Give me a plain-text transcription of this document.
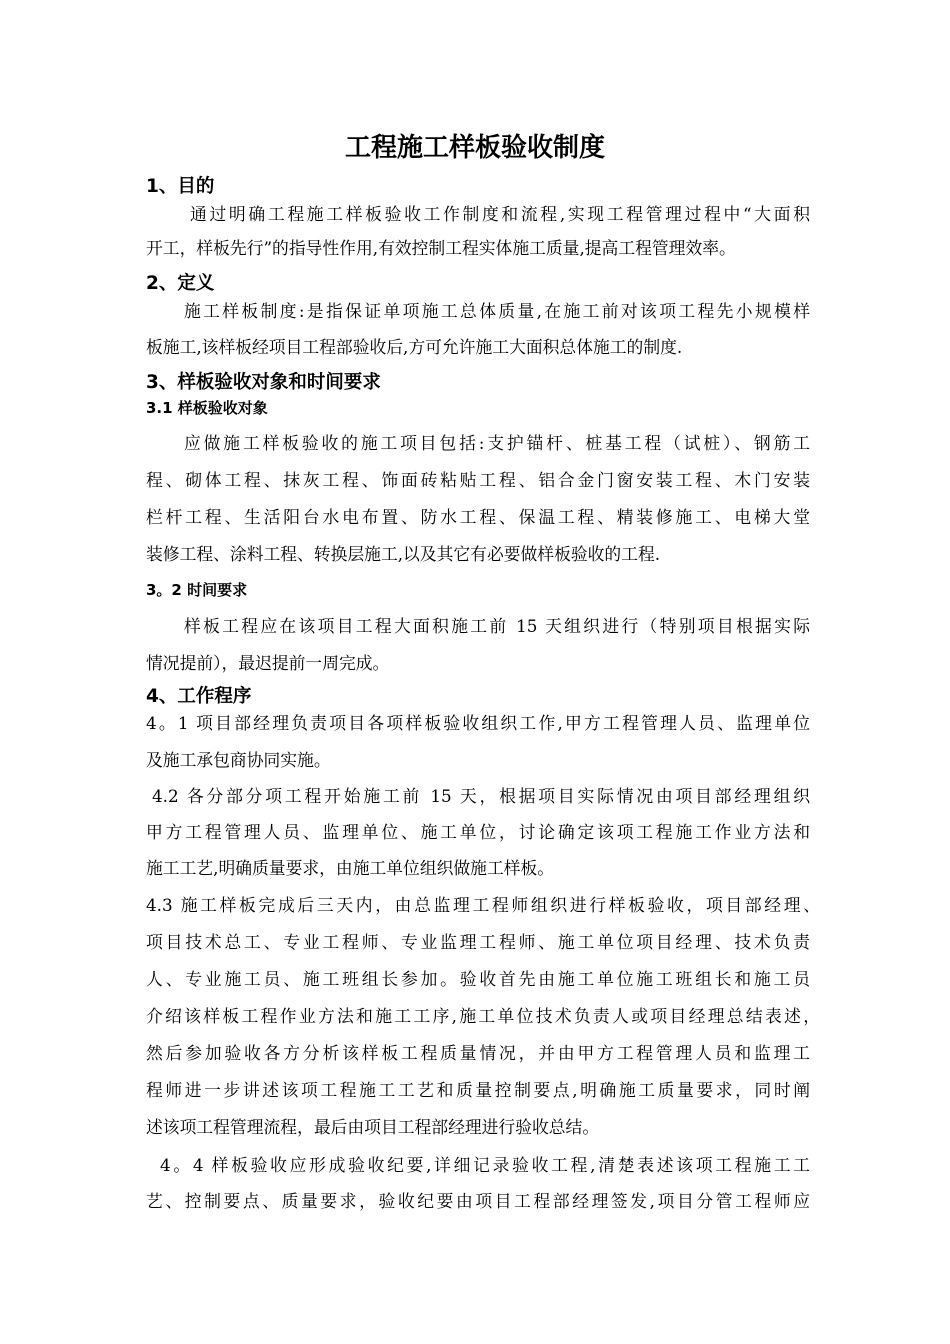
工程施工样板验收制度
1、目的
通过明确工程施工样板验收工作制度和流程,实现工程管理过程中“大面积
开工，样板先行”的指导性作用,有效控制工程实体施工质量,提高工程管理效率。
2、定义
施工样板制度:是指保证单项施工总体质量,在施工前对该项工程先小规模样
板施工,该样板经项目工程部验收后,方可允许施工大面积总体施工的制度.
3、样板验收对象和时间要求
3.1 样板验收对象
应做施工样板验收的施工项目包括:支护锚杆、桩基工程（试桩）、钢筋工
程、砌体工程、抹灰工程、饰面砖粘贴工程、铝合金门窗安装工程、木门安装
栏杆工程、生活阳台水电布置、防水工程、保温工程、精装修施工、电梯大堂
装修工程、涂料工程、转换层施工,以及其它有必要做样板验收的工程.
3。2 时间要求
样板工程应在该项目工程大面积施工前 15 天组织进行（特别项目根据实际
情况提前），最迟提前一周完成。
4、工作程序
4。1 项目部经理负责项目各项样板验收组织工作,甲方工程管理人员、监理单位
及施工承包商协同实施。
4.2 各分部分项工程开始施工前 15 天，根据项目实际情况由项目部经理组织
甲方工程管理人员、监理单位、施工单位，讨论确定该项工程施工作业方法和
施工工艺,明确质量要求，由施工单位组织做施工样板。
4.3 施工样板完成后三天内，由总监理工程师组织进行样板验收，项目部经理、
项目技术总工、专业工程师、专业监理工程师、施工单位项目经理、技术负责
人、专业施工员、施工班组长参加。验收首先由施工单位施工班组长和施工员
介绍该样板工程作业方法和施工工序,施工单位技术负责人或项目经理总结表述，
然后参加验收各方分析该样板工程质量情况，并由甲方工程管理人员和监理工
程师进一步讲述该项工程施工工艺和质量控制要点,明确施工质量要求，同时阐
述该项工程管理流程，最后由项目工程部经理进行验收总结。
4。4 样板验收应形成验收纪要,详细记录验收工程,清楚表述该项工程施工工
艺、控制要点、质量要求，验收纪要由项目工程部经理签发,项目分管工程师应
